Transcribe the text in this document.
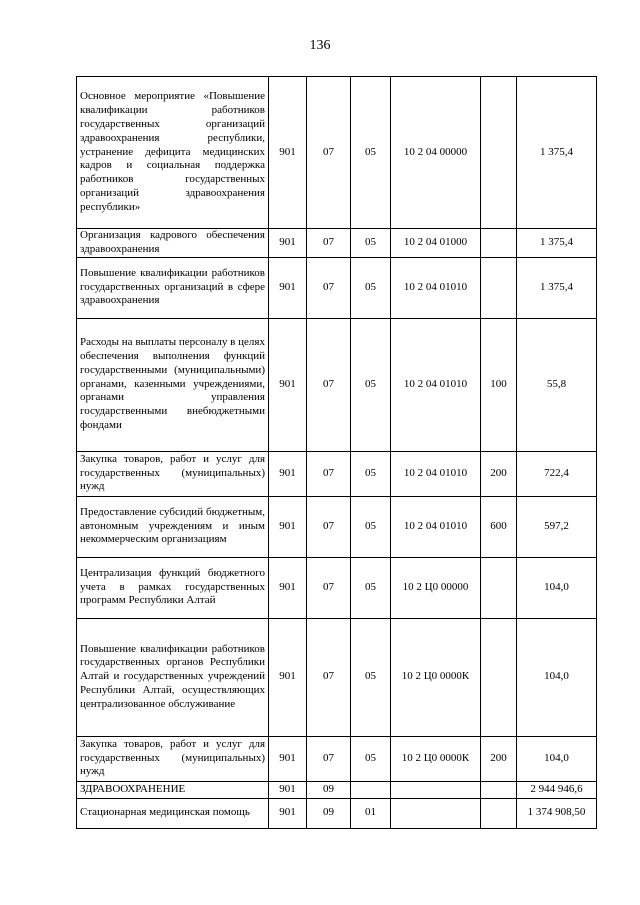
136
Основное мероприятие «Повышение квалификации работников государственных организаций здравоохранения республики, устранение дефицита медицинских кадров и социальная поддержка работников государственных организаций здравоохранения республики»	901	07	05	10 2 04 00000		1 375,4
Организация кадрового обеспечения здравоохранения	901	07	05	10 2 04 01000		1 375,4
Повышение квалификации работников государственных организаций в сфере здравоохранения	901	07	05	10 2 04 01010		1 375,4
Расходы на выплаты персоналу в целях обеспечения выполнения функций государственными (муниципальными) органами, казенными учреждениями, органами управления государственными внебюджетными фондами	901	07	05	10 2 04 01010	100	55,8
Закупка товаров, работ и услуг для государственных (муниципальных) нужд	901	07	05	10 2 04 01010	200	722,4
Предоставление субсидий бюджетным, автономным учреждениям и иным некоммерческим организациям	901	07	05	10 2 04 01010	600	597,2
Централизация функций бюджетного учета в рамках государственных программ Республики Алтай	901	07	05	10 2 Ц0 00000		104,0
Повышение квалификации работников государственных органов Республики Алтай и государственных учреждений Республики Алтай, осуществляющих централизованное обслуживание	901	07	05	10 2 Ц0 0000К		104,0
Закупка товаров, работ и услуг для государственных (муниципальных) нужд	901	07	05	10 2 Ц0 0000К	200	104,0
ЗДРАВООХРАНЕНИЕ	901	09				2 944 946,6
Стационарная медицинская помощь	901	09	01			1 374 908,50
